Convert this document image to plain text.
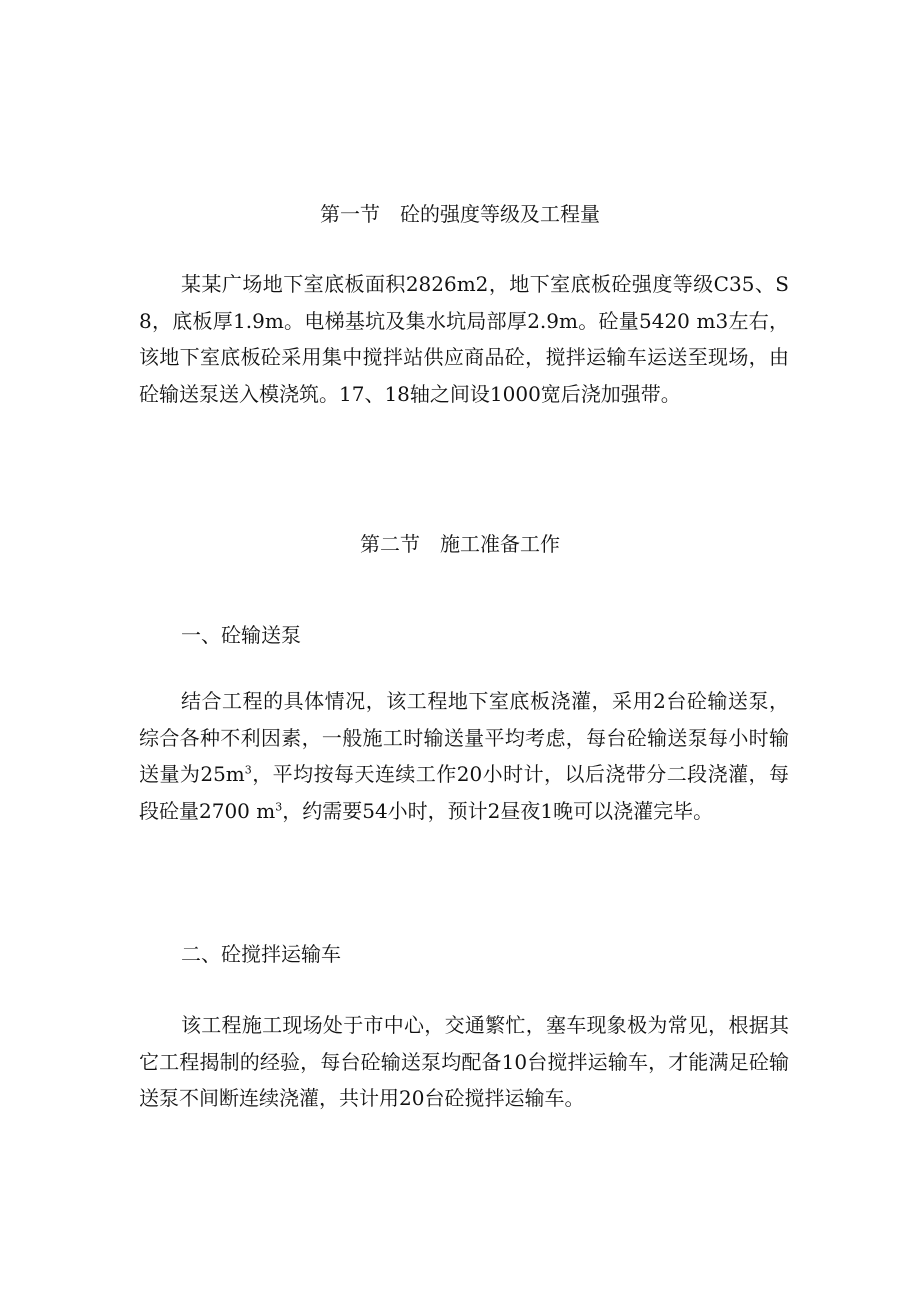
第一节　砼的强度等级及工程量
某某广场地下室底板面积2826m2，地下室底板砼强度等级C35、S8，底板厚1.9m。电梯基坑及集水坑局部厚2.9m。砼量5420 m3左右，该地下室底板砼采用集中搅拌站供应商品砼，搅拌运输车运送至现场，由砼输送泵送入模浇筑。17、18轴之间设1000宽后浇加强带。
第二节　施工准备工作
一、砼输送泵
结合工程的具体情况，该工程地下室底板浇灌，采用2台砼输送泵，综合各种不利因素，一般施工时输送量平均考虑，每台砼输送泵每小时输送量为$25m^3$，平均按每天连续工作20小时计，以后浇带分二段浇灌，每段砼量2700 $m^3$，约需要54小时，预计2昼夜1晚可以浇灌完毕。
二、砼搅拌运输车
该工程施工现场处于市中心，交通繁忙，塞车现象极为常见，根据其它工程揭制的经验，每台砼输送泵均配备10台搅拌运输车，才能满足砼输送泵不间断连续浇灌，共计用20台砼搅拌运输车。
